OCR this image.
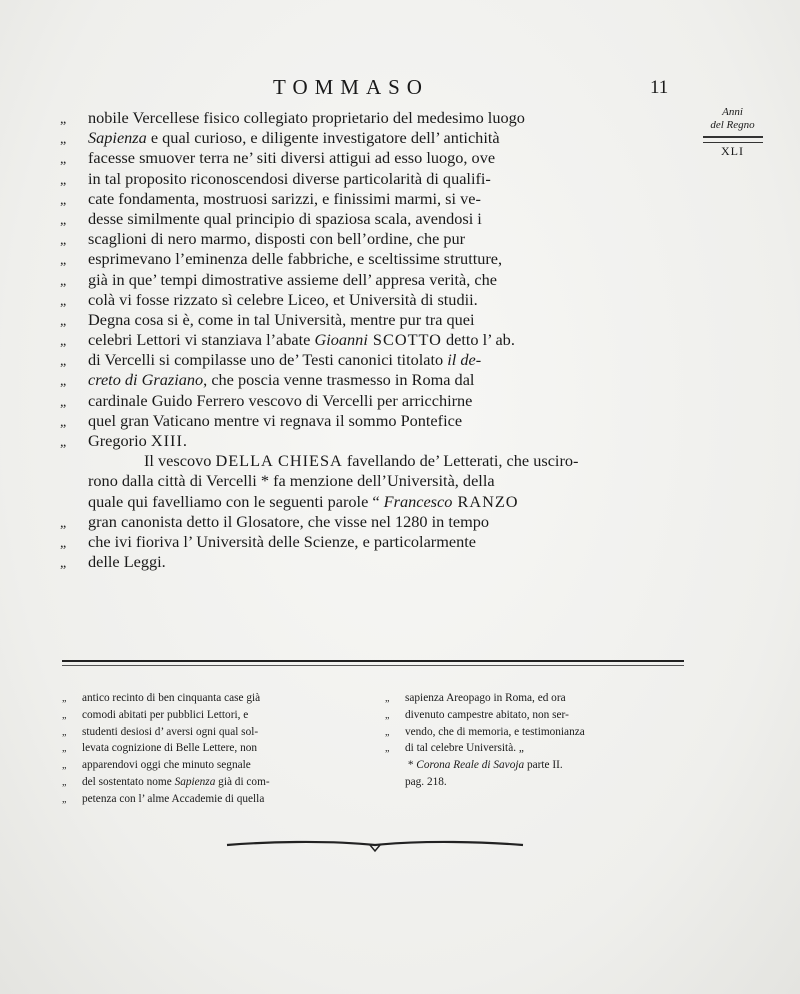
TOMMASO	11
Anni
del Regno
XLI
„ nobile Vercellese fisico collegiato proprietario del medesimo luogo
„ Sapienza e qual curioso, e diligente investigatore dell’ antichità
„ facesse smuover terra ne’ siti diversi attigui ad esso luogo, ove
„ in tal proposito riconoscendosi diverse particolarità di qualifi-
„ cate fondamenta, mostruosi sarizzi, e finissimi marmi, si ve-
„ desse similmente qual principio di spaziosa scala, avendosi i
„ scaglioni di nero marmo, disposti con bell’ordine, che pur
„ esprimevano l’eminenza delle fabbriche, e sceltissime strutture,
„ già in que’ tempi dimostrative assieme dell’ appresa verità, che
„ colà vi fosse rizzato sì celebre Liceo, et Università di studii.
„ Degna cosa si è, come in tal Università, mentre pur tra quei
„ celebri Lettori vi stanziava l’abate Gioanni SCOTTO detto l’ ab.
„ di Vercelli si compilasse uno de’ Testi canonici titolato il de-
„ creto di Graziano, che poscia venne trasmesso in Roma dal
„ cardinale Guido Ferrero vescovo di Vercelli per arricchirne
„ quel gran Vaticano mentre vi regnava il sommo Pontefice
„ Gregorio XIII.
Il vescovo DELLA CHIESA favellando de’ Letterati, che usciro-
rono dalla città di Vercelli * fa menzione dell’Università, della
quale qui favelliamo con le seguenti parole “ Francesco RANZO
„ gran canonista detto il Glosatore, che visse nel 1280 in tempo
„ che ivi fioriva l’ Università delle Scienze, e particolarmente
„ delle Leggi.
„ antico recinto di ben cinquanta case già
„ comodi abitati per pubblici Lettori, e
„ studenti desiosi d’ aversi ogni qual sol-
„ levata cognizione di Belle Lettere, non
„ apparendovi oggi che minuto segnale
„ del sostentato nome Sapienza già di com-
„ petenza con l’ alme Accademie di quella
„ sapienza Areopago in Roma, ed ora
„ divenuto campestre abitato, non ser-
„ vendo, che di memoria, e testimonianza
„ di tal celebre Università. „
* Corona Reale di Savoja parte II.
pag. 218.
